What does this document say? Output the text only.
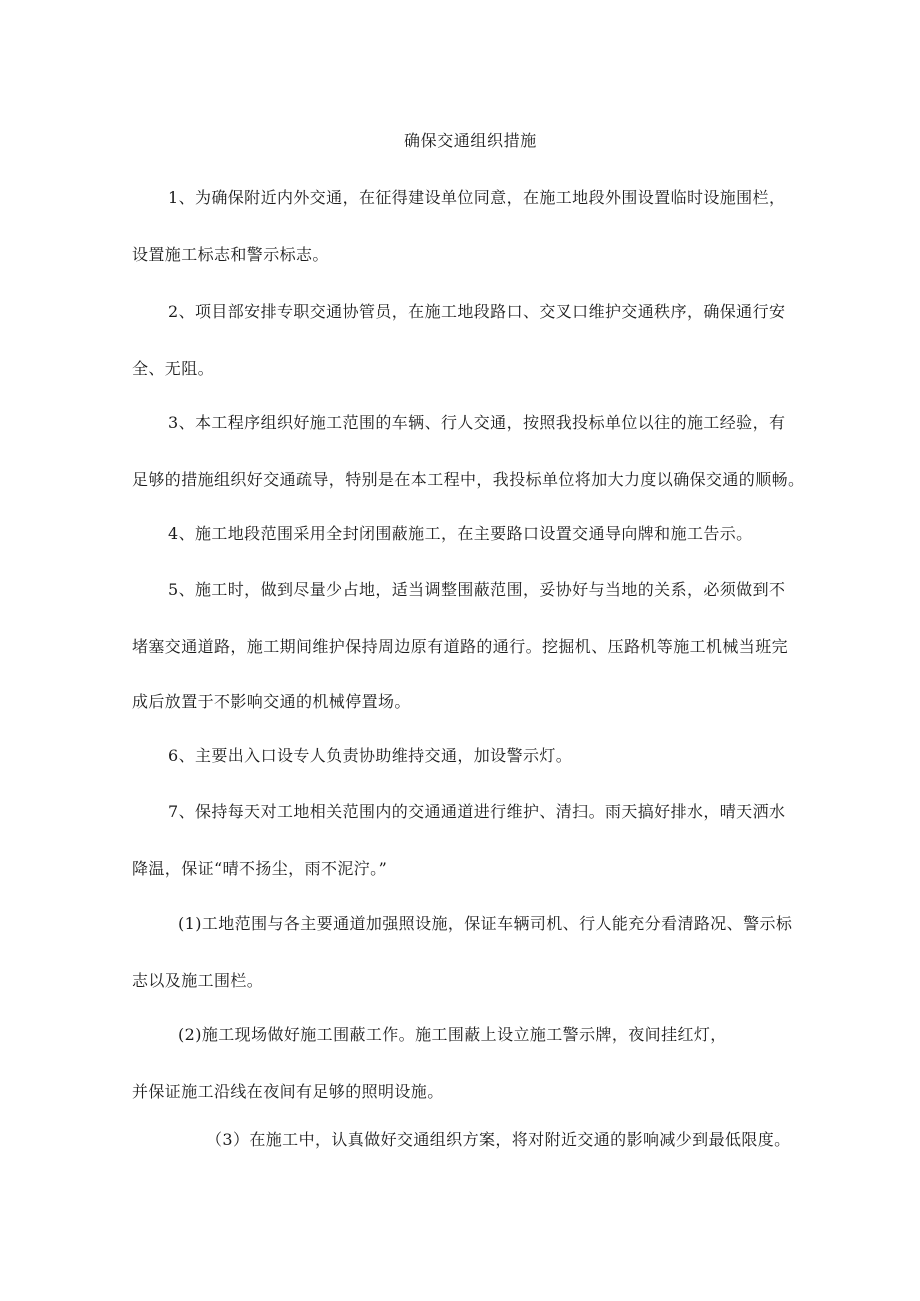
确保交通组织措施
1、为确保附近内外交通，在征得建设单位同意，在施工地段外围设置临时设施围栏，
设置施工标志和警示标志。
2、项目部安排专职交通协管员，在施工地段路口、交叉口维护交通秩序，确保通行安
全、无阻。
3、本工程序组织好施工范围的车辆、行人交通，按照我投标单位以往的施工经验，有
足够的措施组织好交通疏导，特别是在本工程中，我投标单位将加大力度以确保交通的顺畅。
4、施工地段范围采用全封闭围蔽施工，在主要路口设置交通导向牌和施工告示。
5、施工时，做到尽量少占地，适当调整围蔽范围，妥协好与当地的关系，必须做到不
堵塞交通道路，施工期间维护保持周边原有道路的通行。挖掘机、压路机等施工机械当班完
成后放置于不影响交通的机械停置场。
6、主要出入口设专人负责协助维持交通，加设警示灯。
7、保持每天对工地相关范围内的交通通道进行维护、清扫。雨天搞好排水，晴天洒水
降温，保证“晴不扬尘，雨不泥泞。”
(1)工地范围与各主要通道加强照设施，保证车辆司机、行人能充分看清路况、警示标
志以及施工围栏。
(2)施工现场做好施工围蔽工作。施工围蔽上设立施工警示牌，夜间挂红灯，
并保证施工沿线在夜间有足够的照明设施。
（3）在施工中，认真做好交通组织方案，将对附近交通的影响减少到最低限度。
